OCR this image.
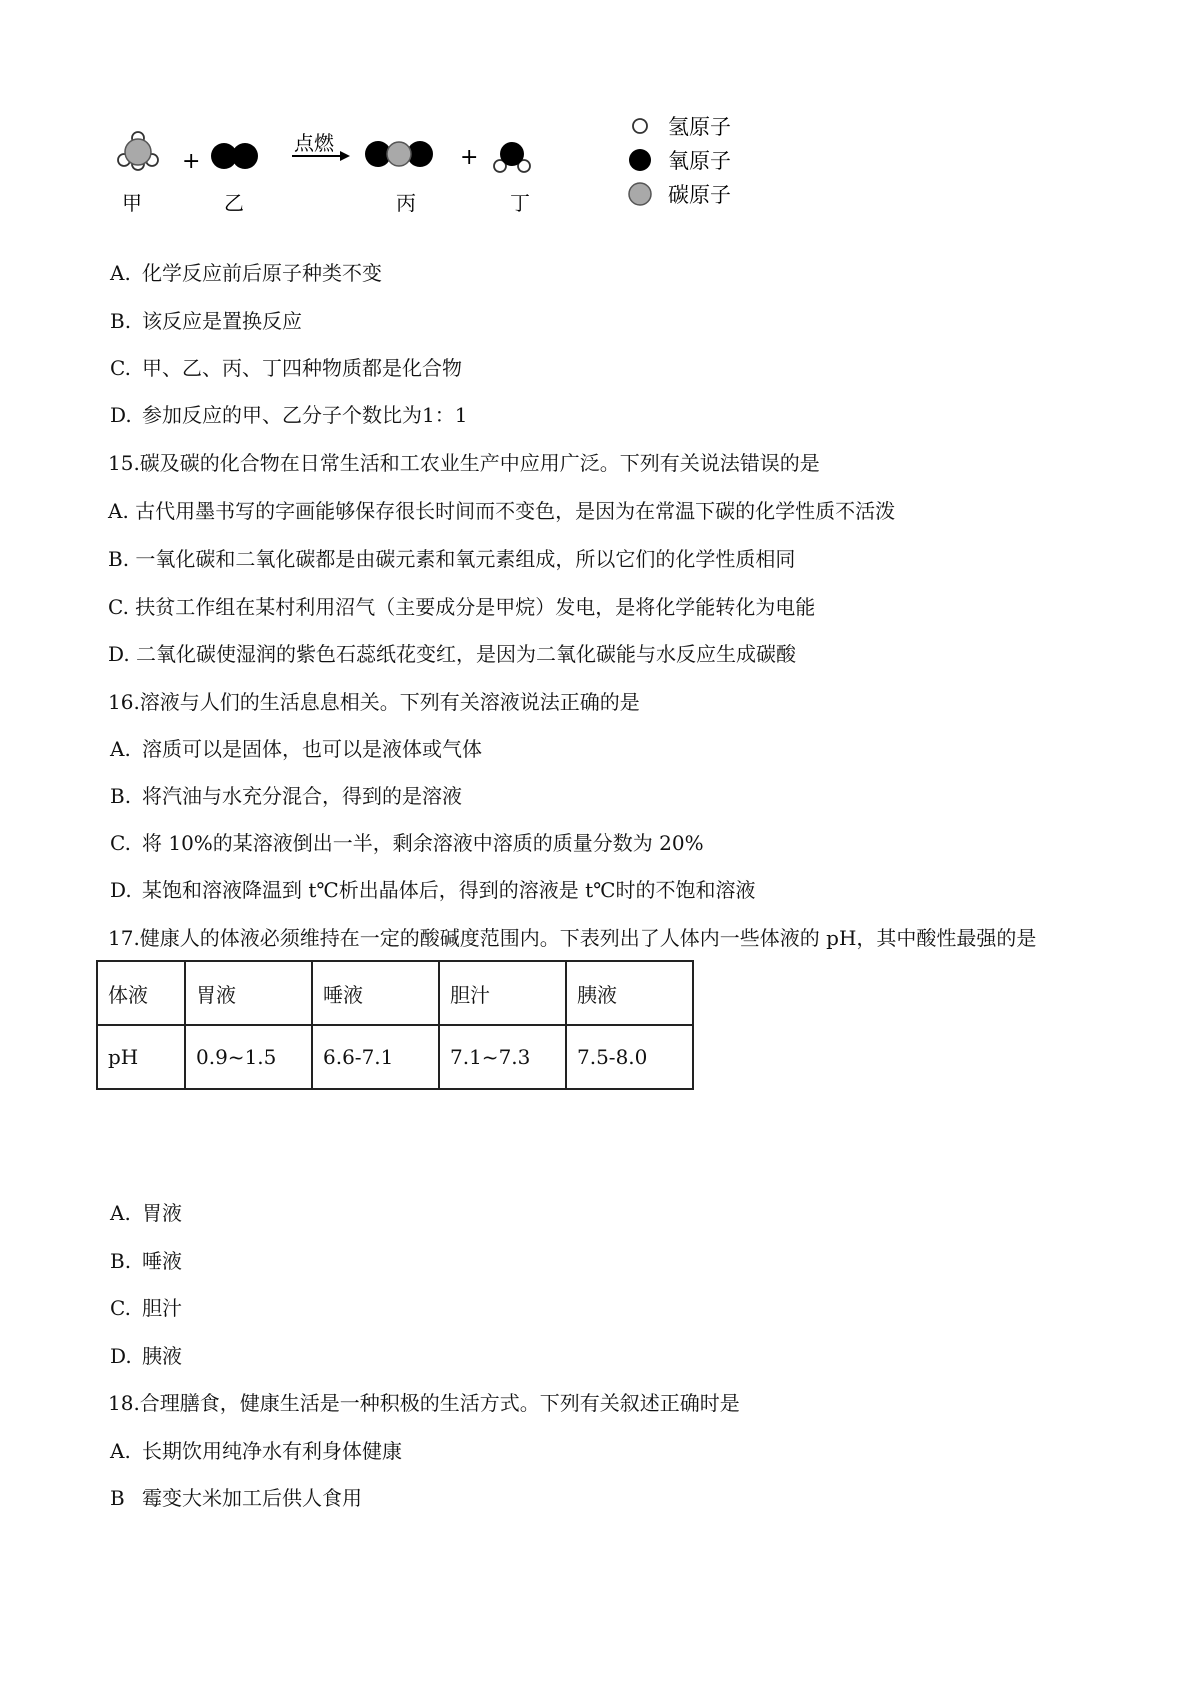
+
点燃
+
甲	乙	丙	丁
氢原子
氧原子
碳原子
A. 化学反应前后原子种类不变
B. 该反应是置换反应
C. 甲、乙、丙、丁四种物质都是化合物
D. 参加反应的甲、乙分子个数比为1：1
15.碳及碳的化合物在日常生活和工农业生产中应用广泛。下列有关说法错误的是
A. 古代用墨书写的字画能够保存很长时间而不变色，是因为在常温下碳的化学性质不活泼
B. 一氧化碳和二氧化碳都是由碳元素和氧元素组成，所以它们的化学性质相同
C. 扶贫工作组在某村利用沼气（主要成分是甲烷）发电，是将化学能转化为电能
D. 二氧化碳使湿润的紫色石蕊纸花变红，是因为二氧化碳能与水反应生成碳酸
16.溶液与人们的生活息息相关。下列有关溶液说法正确的是
A. 溶质可以是固体，也可以是液体或气体
B. 将汽油与水充分混合，得到的是溶液
C. 将 10%的某溶液倒出一半，剩余溶液中溶质的质量分数为 20%
D. 某饱和溶液降温到 t℃析出晶体后，得到的溶液是 t℃时的不饱和溶液
17.健康人的体液必须维持在一定的酸碱度范围内。下表列出了人体内一些体液的 pH，其中酸性最强的是
体液	胃液	唾液	胆汁	胰液
pH	0.9~1.5	6.6-7.1	7.1~7.3	7.5-8.0
A. 胃液
B. 唾液
C. 胆汁
D. 胰液
18.合理膳食，健康生活是一种积极的生活方式。下列有关叙述正确时是
A. 长期饮用纯净水有利身体健康
B 霉变大米加工后供人食用
